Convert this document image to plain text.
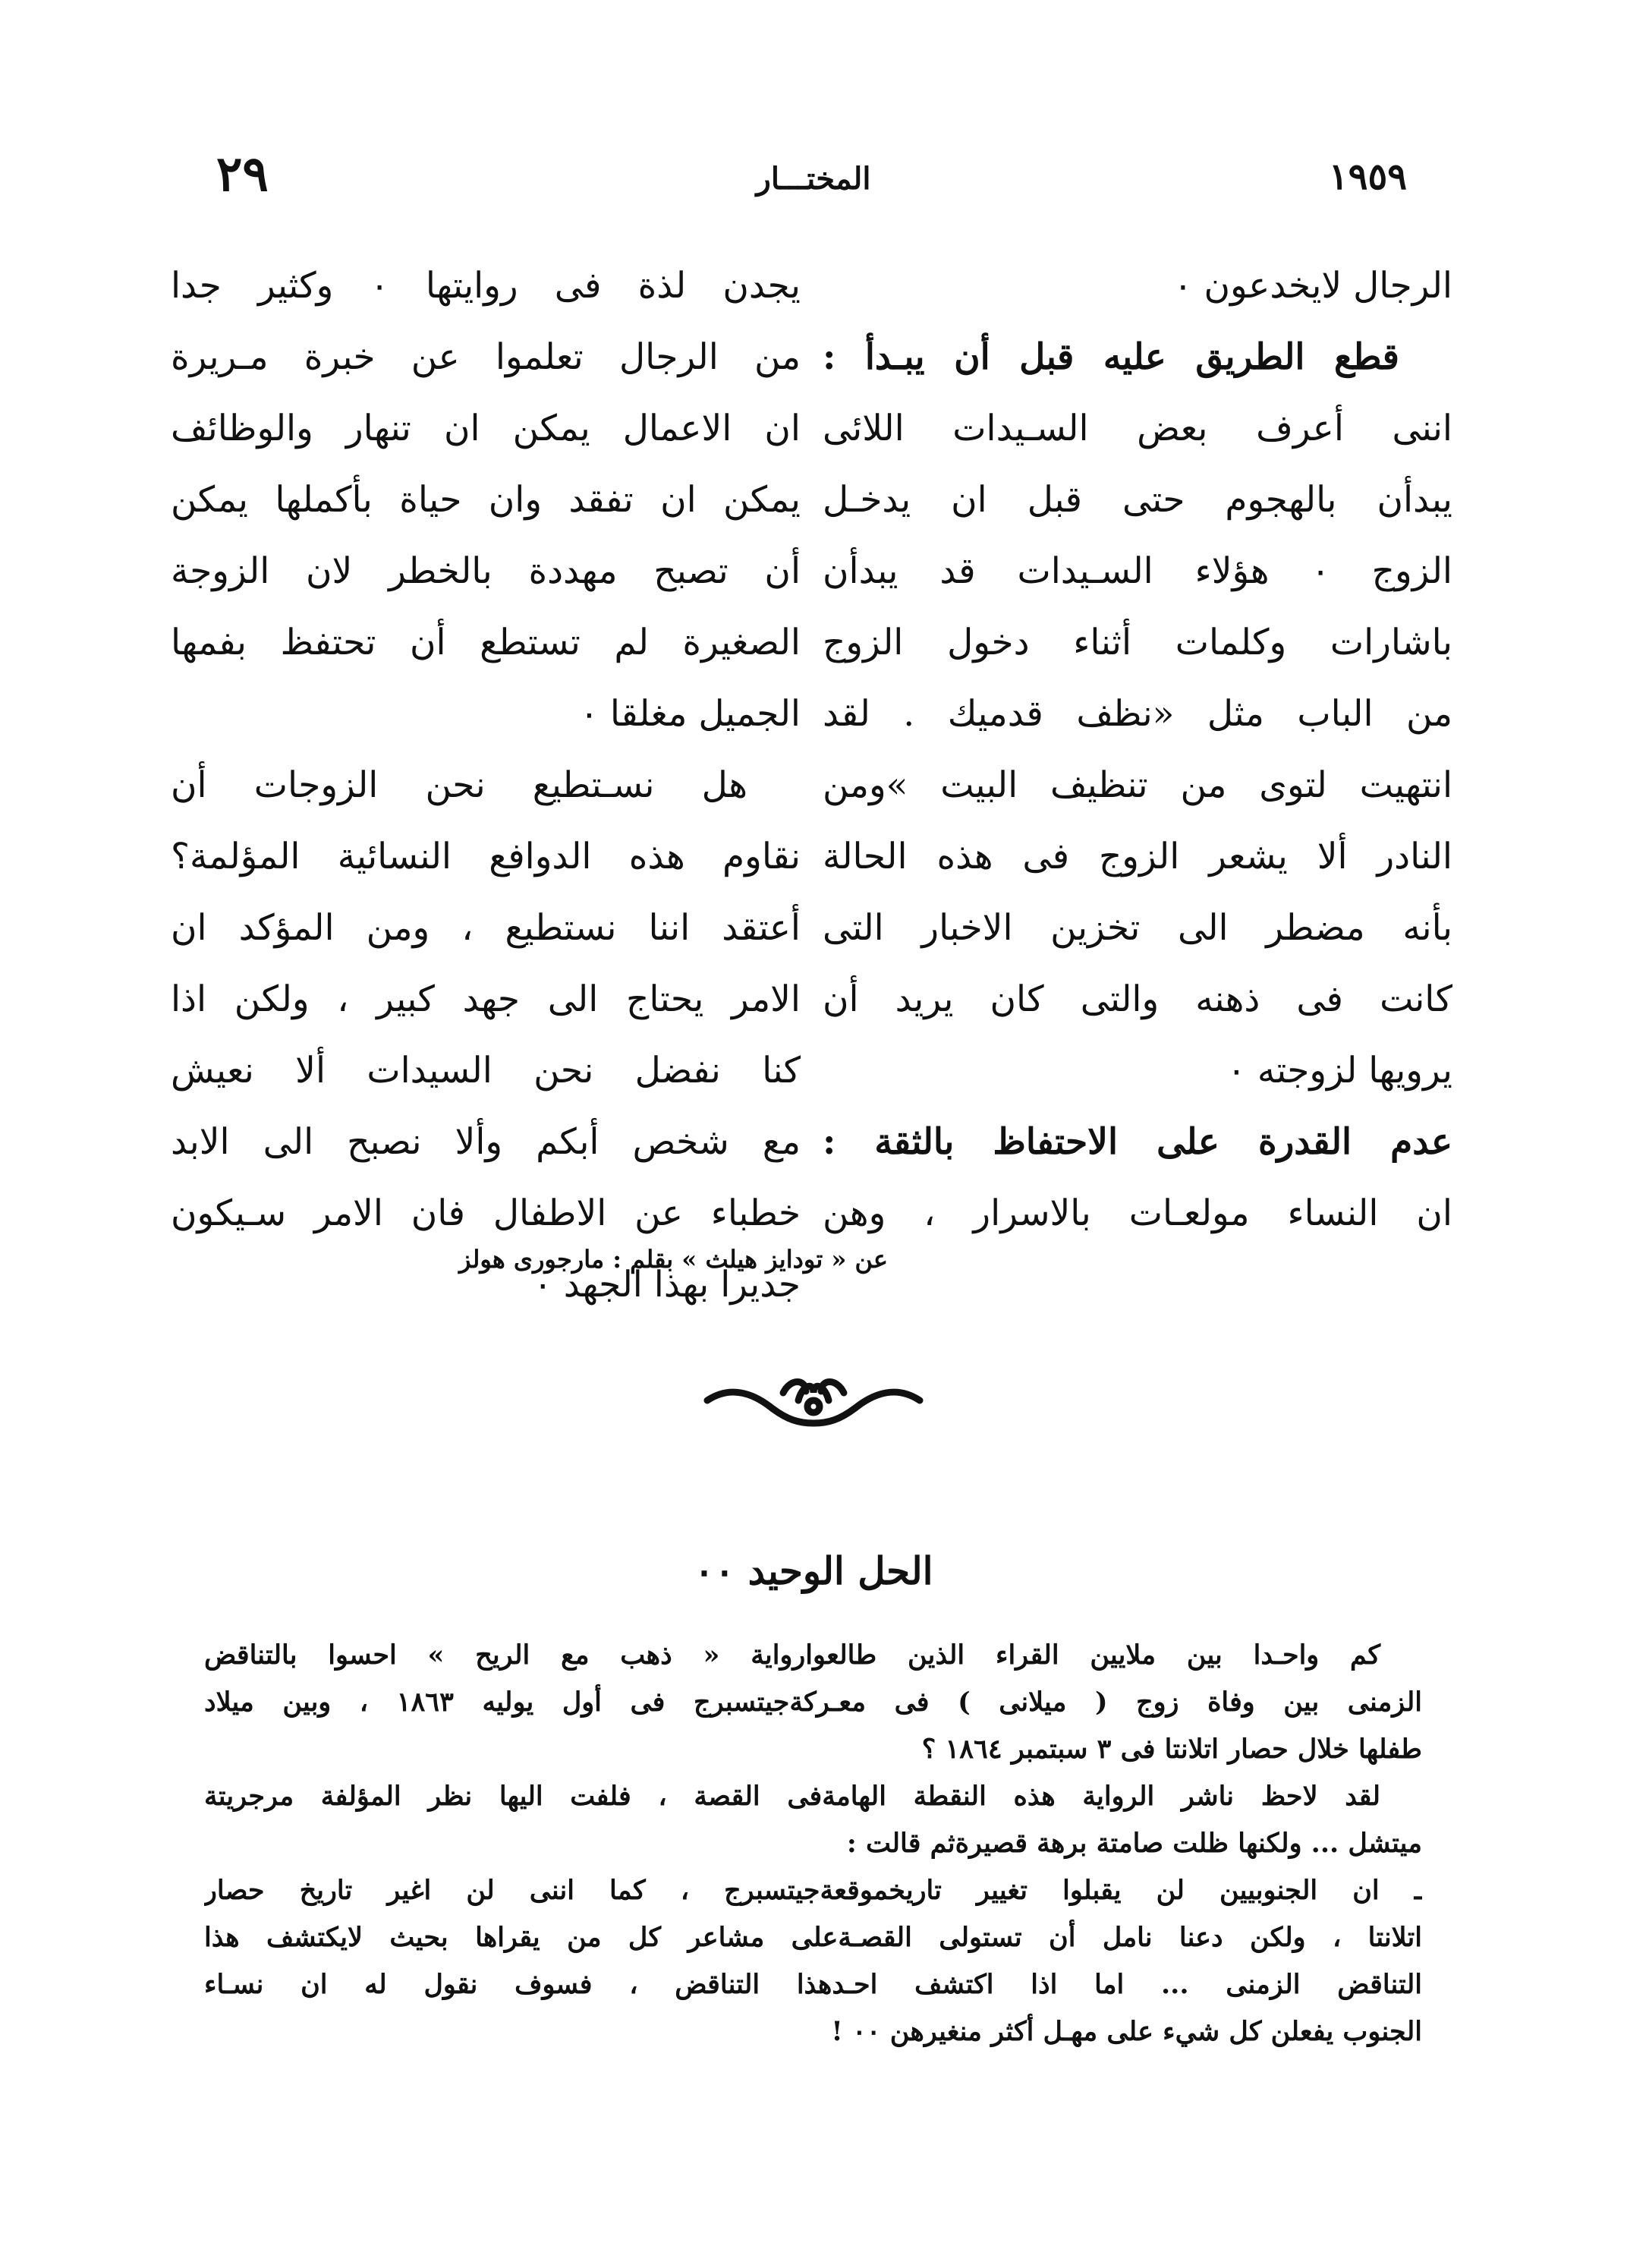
١٩٥٩
المختـــار
٢٩
الرجال لايخدعون ٠
قطع الطريق عليه قبل أن يبـدأ :
اننى أعرف بعض السـيدات اللائى
يبدأن بالهجوم حتى قبل ان يدخـل
الزوج ٠ هؤلاء السـيدات قد يبدأن
باشارات وكلمات أثناء دخول الزوج
من الباب مثل «نظف قدميك . لقد
انتهيت لتوى من تنظيف البيت »ومن
النادر ألا يشعر الزوج فى هذه الحالة
بأنه مضطر الى تخزين الاخبار التى
كانت فى ذهنه والتى كان يريد أن
يرويها لزوجته ٠
عدم القدرة على الاحتفاظ بالثقة :
ان النساء مولعـات بالاسرار ، وهن
يجدن لذة فى روايتها ٠ وكثير جدا
من الرجال تعلموا عن خبرة مـريرة
ان الاعمال يمكن ان تنهار والوظائف
يمكن ان تفقد وان حياة بأكملها يمكن
أن تصبح مهددة بالخطر لان الزوجة
الصغيرة لم تستطع أن تحتفظ بفمها
الجميل مغلقا ٠
هل نسـتطيع نحن الزوجات أن
نقاوم هذه الدوافع النسائية المؤلمة؟
أعتقد اننا نستطيع ، ومن المؤكد ان
الامر يحتاج الى جهد كبير ، ولكن اذا
كنا نفضل نحن السيدات ألا نعيش
مع شخص أبكم وألا نصبح الى الابد
خطباء عن الاطفال فان الامر سـيكون
جديرا بهذا الجهد ٠
عن « تودايز هيلث » بقلم : مارجورى هولز
الحل الوحيد ٠٠
كم واحـدا بين ملايين القراء الذين طالعوارواية « ذهب مع الريح » احسوا بالتناقض
الزمنى بين وفاة زوج ( ميلانى ) فى معـركةجيتسبرج فى أول يوليه ١٨٦٣ ، وبين ميلاد
طفلها خلال حصار اتلانتا فى ٣ سبتمبر ١٨٦٤ ؟
لقد لاحظ ناشر الرواية هذه النقطة الهامةفى القصة ، فلفت اليها نظر المؤلفة مرجريتة
ميتشل ... ولكنها ظلت صامتة برهة قصيرةثم قالت :
ـ ان الجنوبيين لن يقبلوا تغيير تاريخموقعةجيتسبرج ، كما اننى لن اغير تاريخ حصار
اتلانتا ، ولكن دعنا نامل أن تستولى القصـةعلى مشاعر كل من يقراها بحيث لايكتشف هذا
التناقض الزمنى ... اما اذا اكتشف احـدهذا التناقض ، فسوف نقول له ان نسـاء
الجنوب يفعلن كل شيء على مهـل أكثر منغيرهن ٠٠ !
